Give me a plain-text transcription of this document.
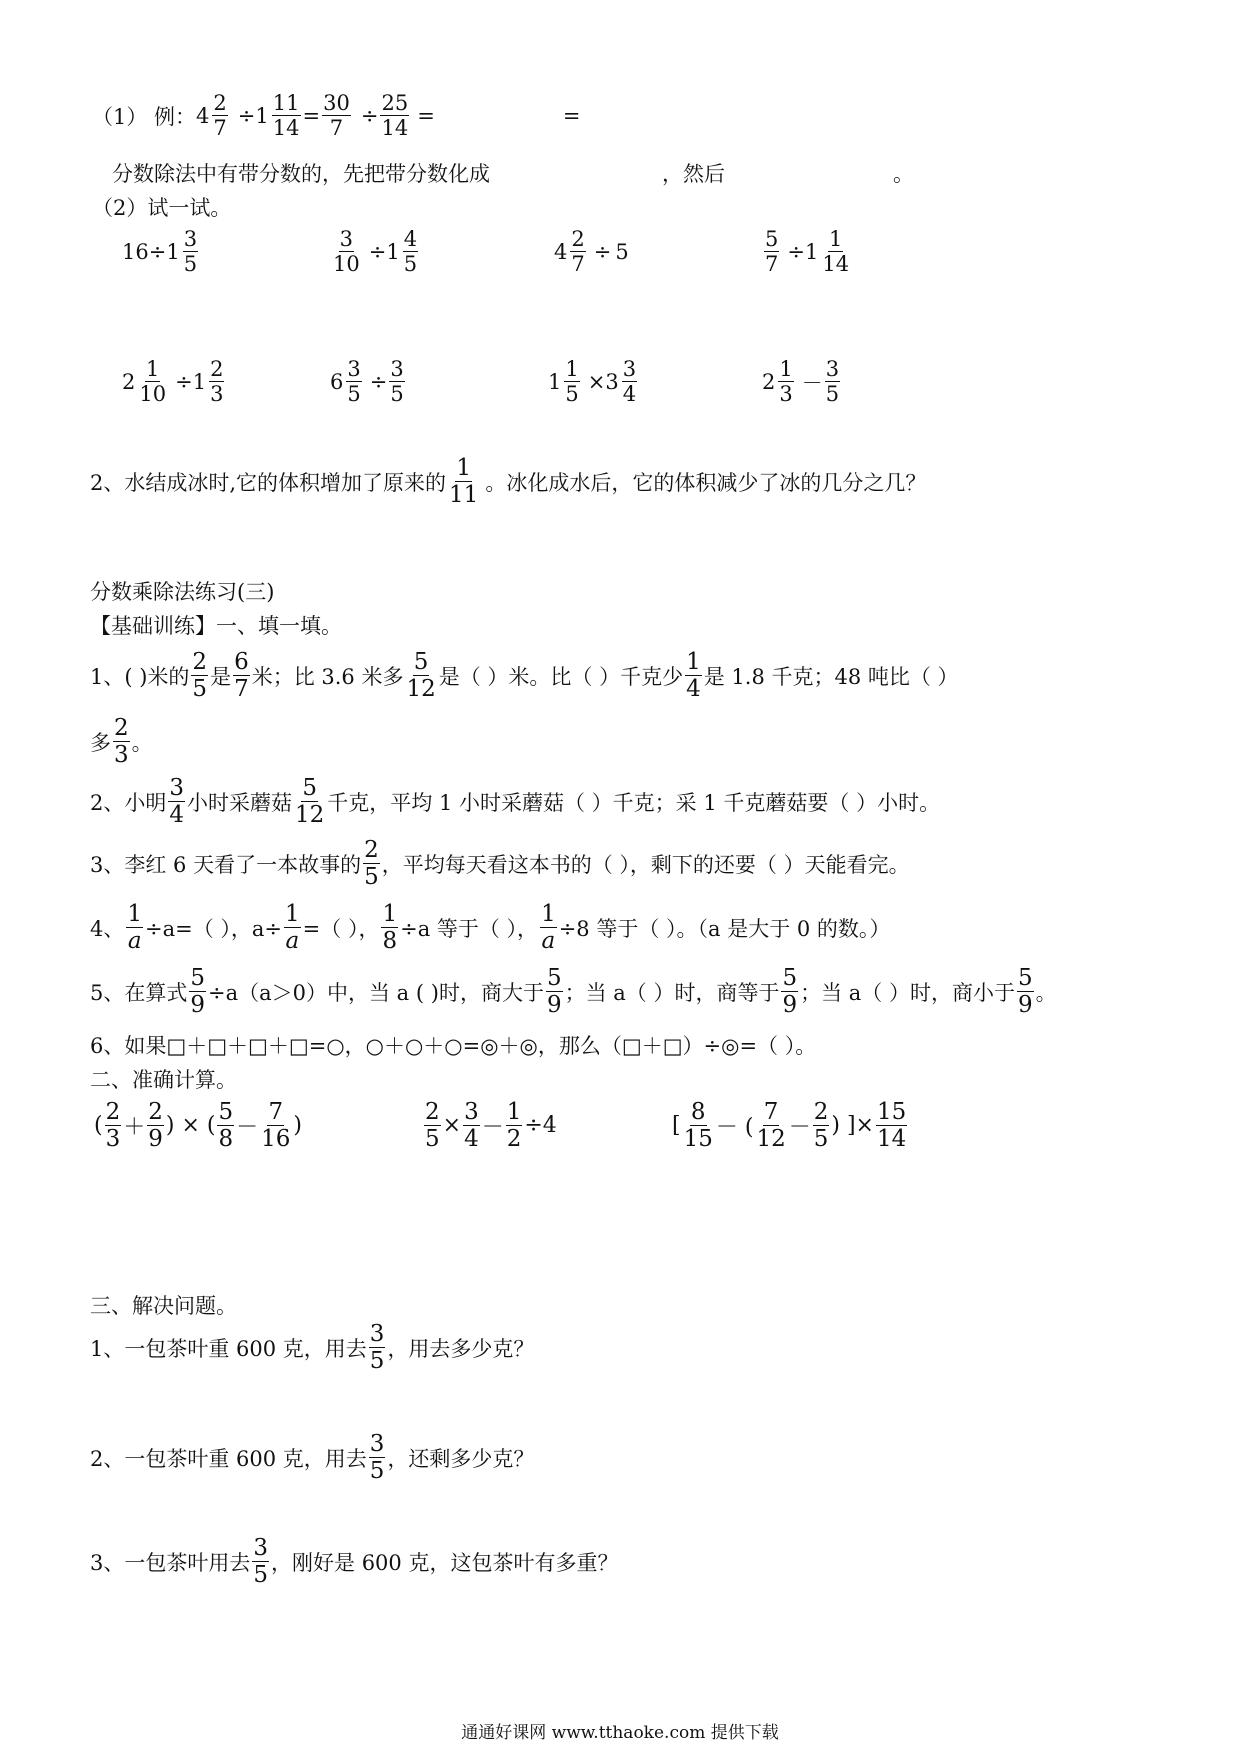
（1） 例： $4 \frac{2}{7} \div 1 \frac{11}{14} = \frac{30}{7} \div \frac{25}{14}$ =	=
分数除法中有带分数的，先把带分数化成	，然后	。
（2）试一试。
$16 \div 1 \frac{3}{5}$	$\frac{3}{10} \div 1 \frac{4}{5}$	$4 \frac{2}{7} \div 5$	$\frac{5}{7} \div 1 \frac{1}{14}$
$2 \frac{1}{10} \div 1 \frac{2}{3}$	$6 \frac{3}{5} \div \frac{3}{5}$	$1 \frac{1}{5} \times 3 \frac{3}{4}$	$2 \frac{1}{3} - \frac{3}{5}$
2、水结成冰时,它的体积增加了原来的 $\frac{1}{11}$ 。冰化成水后，它的体积减少了冰的几分之几？
分数乘除法练习(三)
【基础训练】一、填一填。
1、( )米的 $\frac{2}{5}$ 是 $\frac{6}{7}$ 米；比 3.6 米多 $\frac{5}{12}$ 是（ ）米。比（ ）千克少 $\frac{1}{4}$ 是 1.8 千克；48 吨比（ ）
多 $\frac{2}{3}$ 。
2、小明 $\frac{3}{4}$ 小时采蘑菇 $\frac{5}{12}$ 千克，平均 1 小时采蘑菇（ ）千克；采 1 千克蘑菇要（ ）小时。
3、李红 6 天看了一本故事的 $\frac{2}{5}$ ，平均每天看这本书的（ ），剩下的还要（ ）天能看完。
4、 $\frac{1}{a} \div a=$（ ），$a\div \frac{1}{a}$ =（ ）， $\frac{1}{8} \div a$ 等于（ ）， $\frac{1}{a} \div 8$ 等于（ ）。（a 是大于 0 的数。）
5、在算式 $\frac{5}{9} \div a(a>0)$中，当 a ( )时，商大于 $\frac{5}{9}$ ；当 a（ ）时，商等于 $\frac{5}{9}$ ；当 a（ ）时，商小于 $\frac{5}{9}$ 。
6、如果□＋□＋□＋□=○，○＋○＋○=◎＋◎，那么（□＋□）÷◎=（ ）。
二、准确计算。
( $\frac{2}{3} + \frac{2}{9}$ ) × ( $\frac{5}{8} - \frac{7}{16}$ )	$\frac{2}{5} \times \frac{3}{4} - \frac{1}{2} \div 4$	[ $\frac{8}{15}$ － ( $\frac{7}{12} - \frac{2}{5}$ ) ]× $\frac{15}{14}$
三、解决问题。
1、一包茶叶重 600 克，用去 $\frac{3}{5}$ ，用去多少克？
2、一包茶叶重 600 克，用去 $\frac{3}{5}$ ，还剩多少克？
3、一包茶叶用去 $\frac{3}{5}$ ，刚好是 600 克，这包茶叶有多重？
通通好课网 www.tthaoke.com 提供下载
